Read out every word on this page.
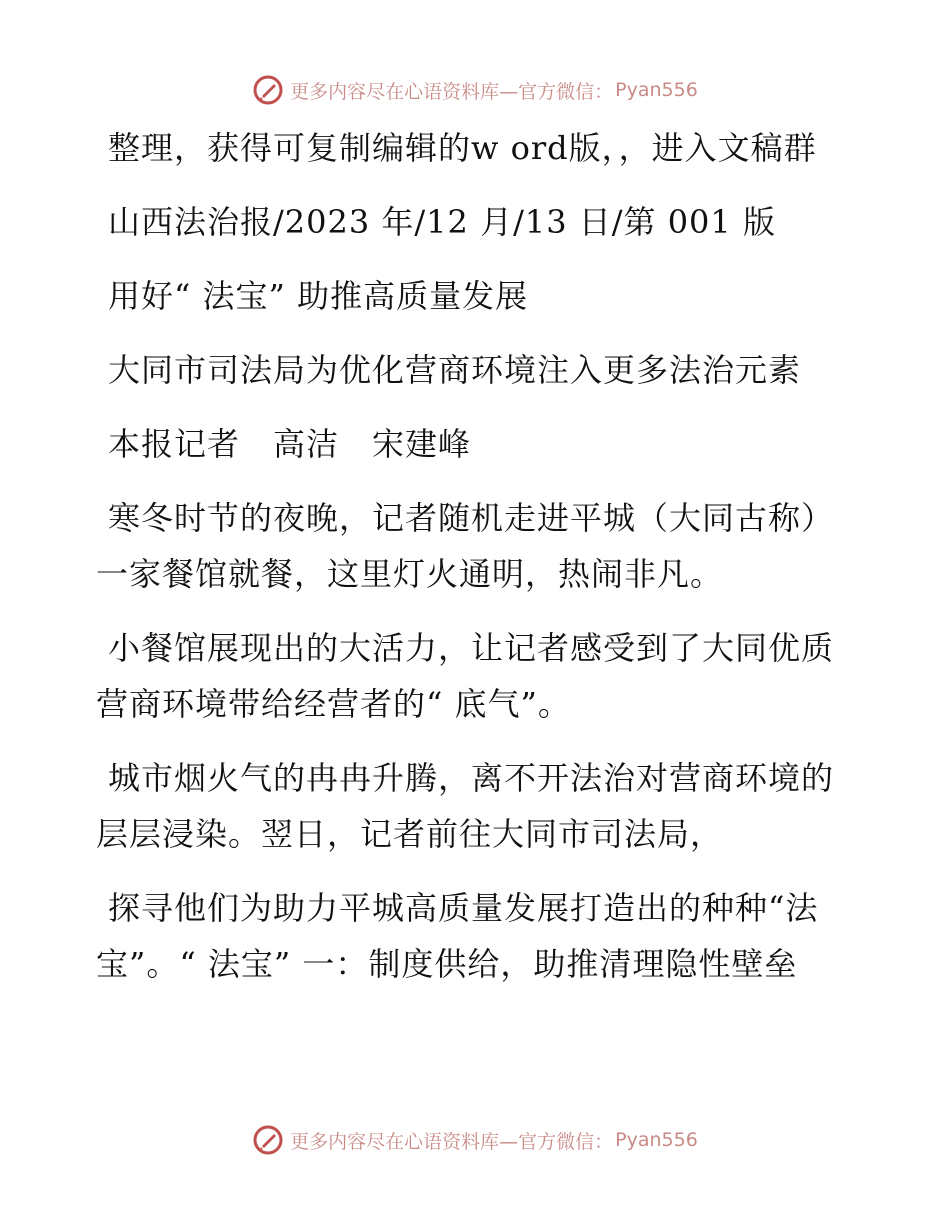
更多内容尽在心语资料库—官方微信： Pyan556

整理，获得可复制编辑的w ord版，，进入文稿群

山西法治报/2023 年/12 月/13 日/第 001 版

用好“ 法宝” 助推高质量发展

大同市司法局为优化营商环境注入更多法治元素

本报记者　高洁　宋建峰

寒冬时节的夜晚，记者随机走进平城（大同古称）一家餐馆就餐，这里灯火通明，热闹非凡。

小餐馆展现出的大活力，让记者感受到了大同优质营商环境带给经营者的“ 底气”。

城市烟火气的冉冉升腾，离不开法治对营商环境的层层浸染。翌日，记者前往大同市司法局，

探寻他们为助力平城高质量发展打造出的种种“法宝”。“ 法宝” 一：制度供给，助推清理隐性壁垒

更多内容尽在心语资料库—官方微信： Pyan556
